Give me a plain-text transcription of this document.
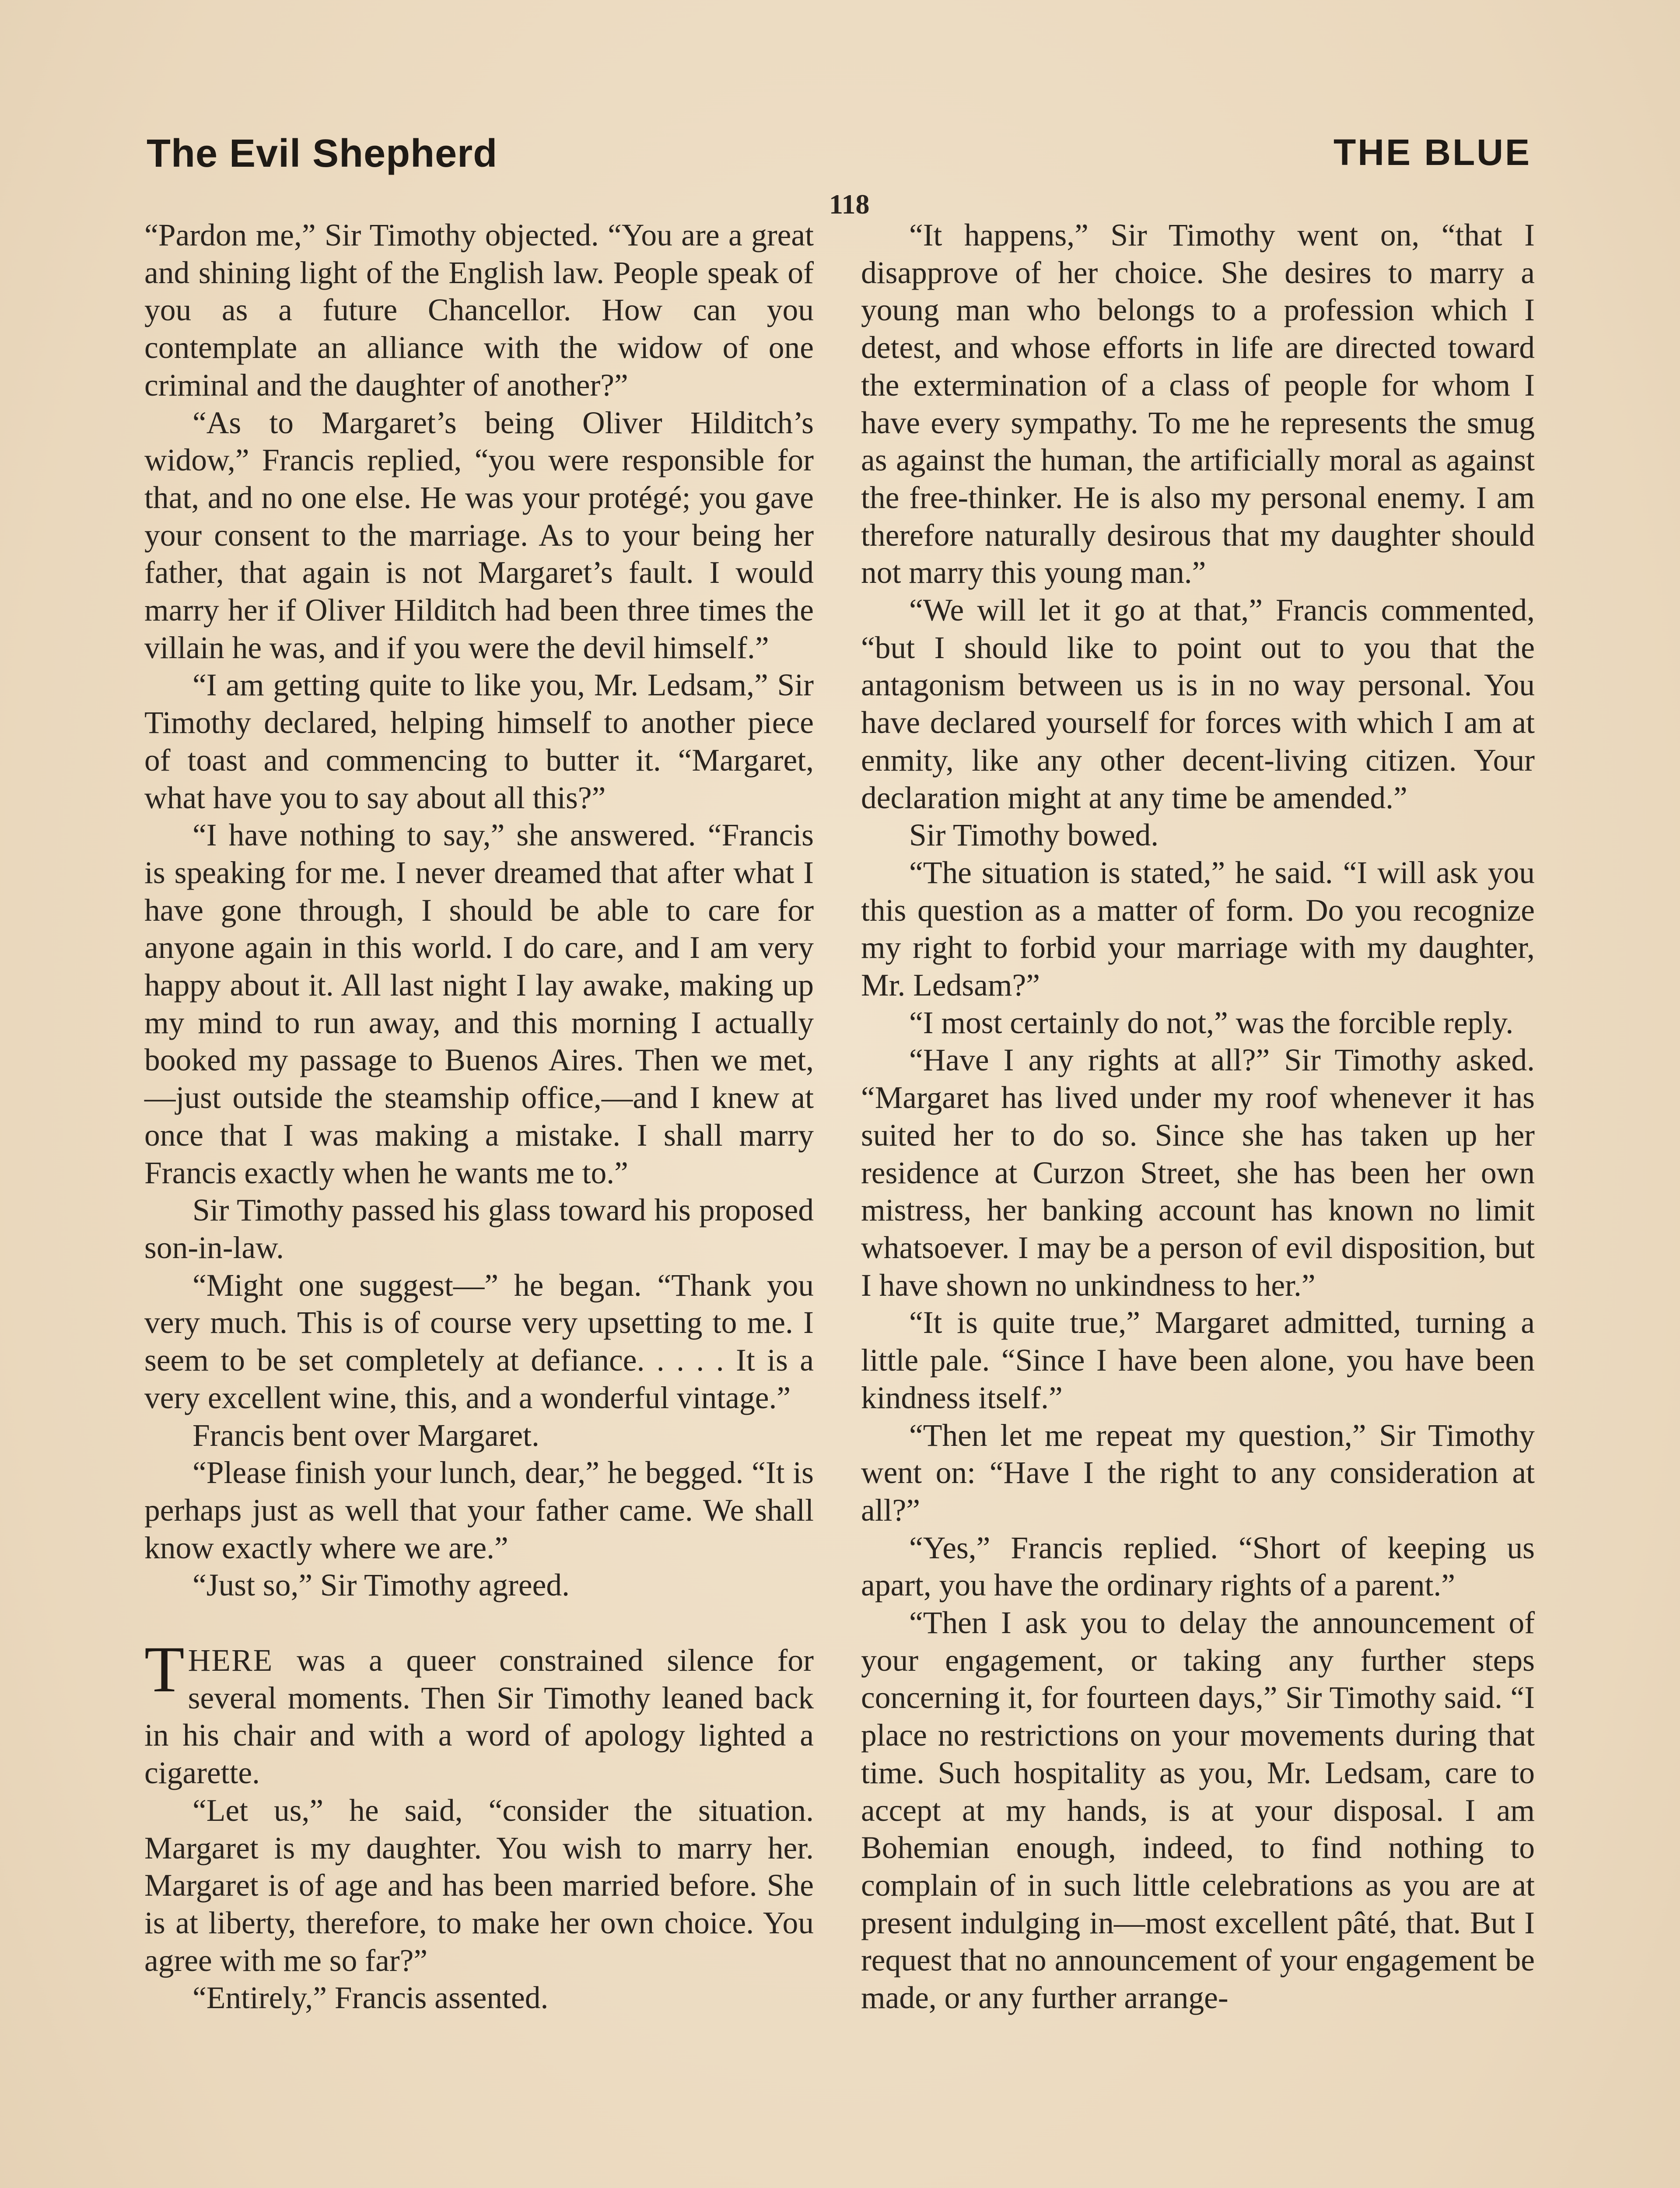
The Evil Shepherd	THE BLUE
118

“Pardon me,” Sir Timothy objected. “You are a great and shining light of the English law. People speak of you as a future Chancellor. How can you contemplate an alliance with the widow of one criminal and the daughter of another?”

“As to Margaret’s being Oliver Hilditch’s widow,” Francis replied, “you were responsible for that, and no one else. He was your protégé; you gave your consent to the marriage. As to your being her father, that again is not Margaret’s fault. I would marry her if Oliver Hilditch had been three times the villain he was, and if you were the devil himself.”

“I am getting quite to like you, Mr. Ledsam,” Sir Timothy declared, helping himself to another piece of toast and commencing to butter it. “Margaret, what have you to say about all this?”

“I have nothing to say,” she answered. “Francis is speaking for me. I never dreamed that after what I have gone through, I should be able to care for anyone again in this world. I do care, and I am very happy about it. All last night I lay awake, making up my mind to run away, and this morning I actually booked my passage to Buenos Aires. Then we met,—just outside the steamship office,—and I knew at once that I was making a mistake. I shall marry Francis exactly when he wants me to.”

Sir Timothy passed his glass toward his proposed son-in-law.

“Might one suggest—” he began. “Thank you very much. This is of course very upsetting to me. I seem to be set completely at defiance. . . . . It is a very excellent wine, this, and a wonderful vintage.”

Francis bent over Margaret.

“Please finish your lunch, dear,” he begged. “It is perhaps just as well that your father came. We shall know exactly where we are.”

“Just so,” Sir Timothy agreed.

THERE was a queer constrained silence for several moments. Then Sir Timothy leaned back in his chair and with a word of apology lighted a cigarette.

“Let us,” he said, “consider the situation. Margaret is my daughter. You wish to marry her. Margaret is of age and has been married before. She is at liberty, therefore, to make her own choice. You agree with me so far?”

“Entirely,” Francis assented.

“It happens,” Sir Timothy went on, “that I disapprove of her choice. She desires to marry a young man who belongs to a profession which I detest, and whose efforts in life are directed toward the extermination of a class of people for whom I have every sympathy. To me he represents the smug as against the human, the artificially moral as against the free-thinker. He is also my personal enemy. I am therefore naturally desirous that my daughter should not marry this young man.”

“We will let it go at that,” Francis commented, “but I should like to point out to you that the antagonism between us is in no way personal. You have declared yourself for forces with which I am at enmity, like any other decent-living citizen. Your declaration might at any time be amended.”

Sir Timothy bowed.

“The situation is stated,” he said. “I will ask you this question as a matter of form. Do you recognize my right to forbid your marriage with my daughter, Mr. Ledsam?”

“I most certainly do not,” was the forcible reply.

“Have I any rights at all?” Sir Timothy asked. “Margaret has lived under my roof whenever it has suited her to do so. Since she has taken up her residence at Curzon Street, she has been her own mistress, her banking account has known no limit whatsoever. I may be a person of evil disposition, but I have shown no unkindness to her.”

“It is quite true,” Margaret admitted, turning a little pale. “Since I have been alone, you have been kindness itself.”

“Then let me repeat my question,” Sir Timothy went on: “Have I the right to any consideration at all?”

“Yes,” Francis replied. “Short of keeping us apart, you have the ordinary rights of a parent.”

“Then I ask you to delay the announcement of your engagement, or taking any further steps concerning it, for fourteen days,” Sir Timothy said. “I place no restrictions on your movements during that time. Such hospitality as you, Mr. Ledsam, care to accept at my hands, is at your disposal. I am Bohemian enough, indeed, to find nothing to complain of in such little celebrations as you are at present indulging in—most excellent pâté, that. But I request that no announcement of your engagement be made, or any further arrange-
